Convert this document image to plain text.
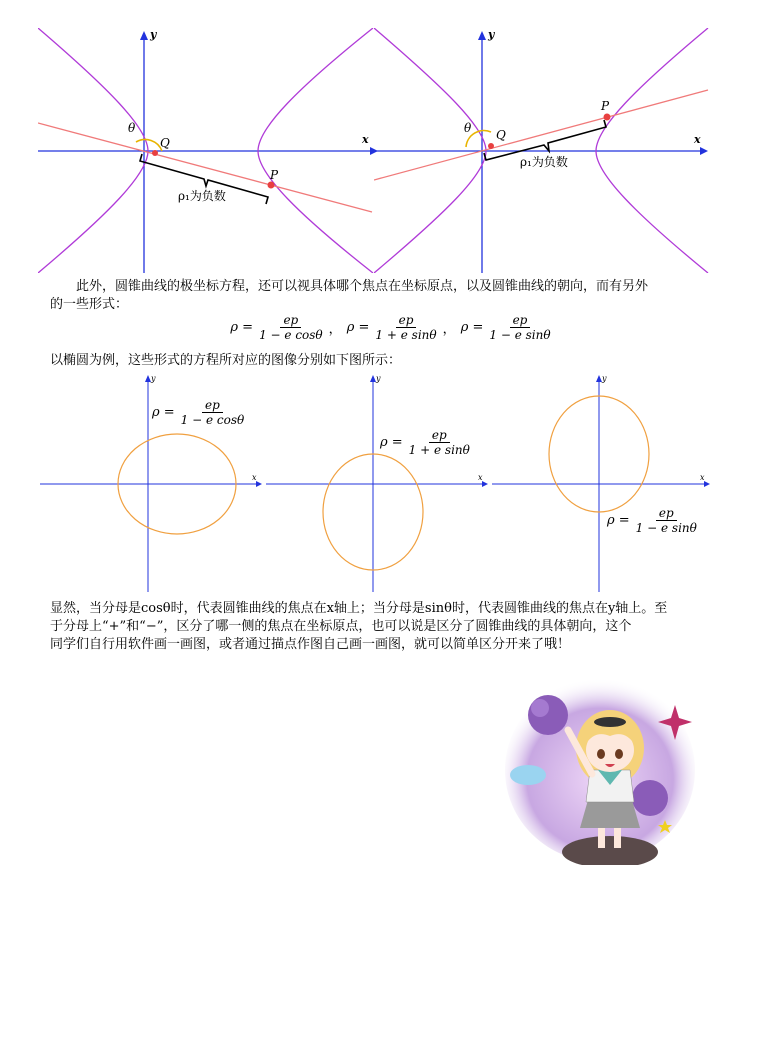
x
y
θ
Q
P
ρ₁为负数
x
y
θ Q
P
ρ₁为负数

此外，圆锥曲线的极坐标方程，还可以视具体哪个焦点在坐标原点，以及圆锥曲线的朝向，而有另外

的一些形式：

$\rho = \frac{ep}{\text{1 − e cosθ}}$ ，
$\rho = \frac{ep}{\text{1 + e sinθ}}$ ，
$\rho = \frac{ep}{\text{1 − e sinθ}}$

以椭圆为例，这些形式的方程所对应的图像分别如下图所示：

x
y
x
y
x
y
$\rho = \frac{ep}{\text{1 − e cosθ}}$
$\rho = \frac{ep}{\text{1 + e sinθ}}$
$\rho = \frac{ep}{\text{1 − e sinθ}}$

显然，当分母是cosθ时，代表圆锥曲线的焦点在x轴上；当分母是sinθ时，代表圆锥曲线的焦点在y轴上。至

于分母上“+”和“−”，区分了哪一侧的焦点在坐标原点，也可以说是区分了圆锥曲线的具体朝向，这个

同学们自行用软件画一画图，或者通过描点作图自己画一画图，就可以简单区分开来了哦！
